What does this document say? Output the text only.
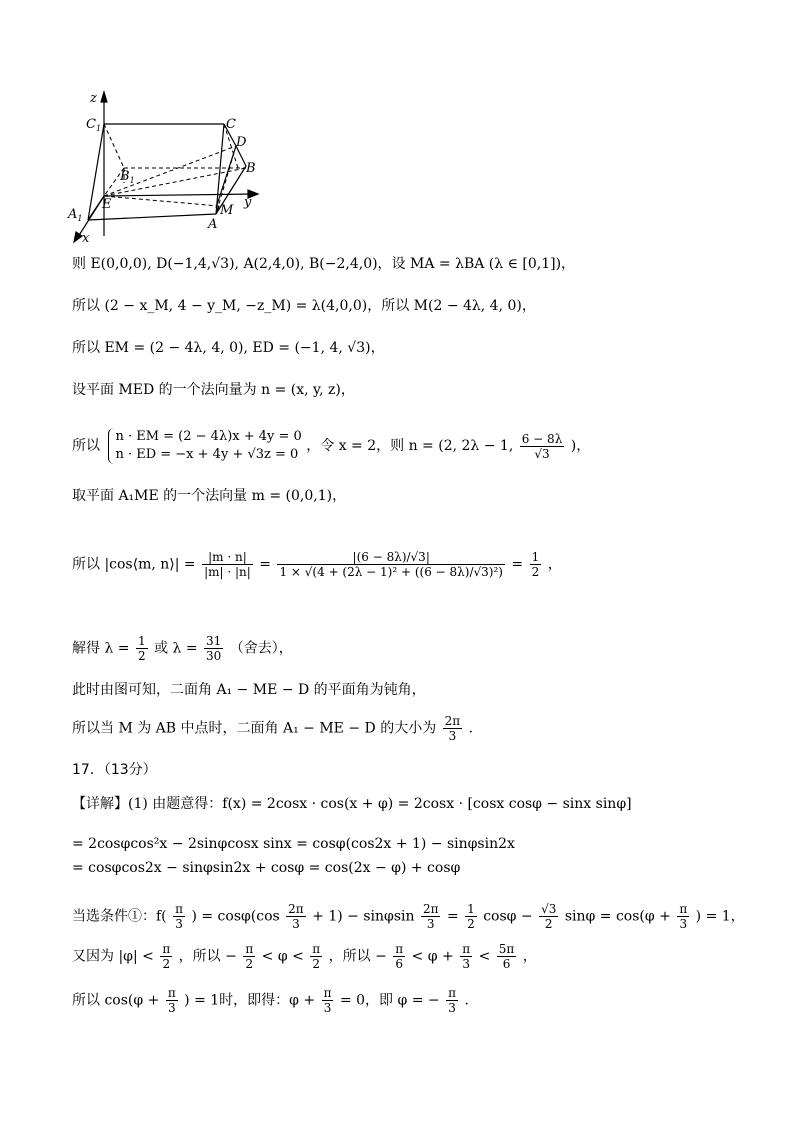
z
$C_1$	C
D
B
$B_1$
E	y
$A_1$
M
A
x
则 E(0,0,0), D(−1,4,√3), A(2,4,0), B(−2,4,0)，设 MA = λBA (λ ∈ [0,1])，
所以 (2 − x_M, 4 − y_M, −z_M) = λ(4,0,0)，所以 M(2 − 4λ, 4, 0)，
所以 EM = (2 − 4λ, 4, 0), ED = (−1, 4, √3)，
设平面 MED 的一个法向量为 n = (x, y, z)，
所以
n · EM = (2 − 4λ)x + 4y = 0
n · ED = −x + 4y + √3z = 0
，令 x = 2，则 n = (2, 2λ − 1, $\frac{6 - 8\lambda}{√3}$ )，
取平面 A₁ME 的一个法向量 m = (0,0,1)，
所以 |cos⟨m, n⟩| = $\frac{|m \cdot n|}{|m| \cdot |n|} = \frac{|(6 - 8\lambda)/√3|}{\text{1 × √(4 + (2λ − 1)² + ((6 − 8λ)/√3)²)}} = \frac{1}{2}$ ，
解得 $\lambda = \frac{1}{2}$ 或 $\lambda = \frac{31}{30}$ （舍去），
此时由图可知，二面角 A₁ − ME − D 的平面角为钝角，
所以当 M 为 AB 中点时，二面角 A₁ − ME − D 的大小为 $\frac{2\pi}{3}$ .
17．（13分）
【详解】(1) 由题意得：f(x) = 2cosx · cos(x + φ) = 2cosx · [cosx cosφ − sinx sinφ]
= 2cosφcos²x − 2sinφcosx sinx = cosφ(cos2x + 1) − sinφsin2x
= cosφcos2x − sinφsin2x + cosφ = cos(2x − φ) + cosφ
当选条件①：$f( \frac{\pi}{3}$ ) = $\cos\varphi(\cos \frac{2\pi}{3} + 1) - \sin\varphi\sin \frac{2\pi}{3} = \frac{1}{2}$ $\cos\varphi - \frac{√3}{2}$ $\sin\varphi = \cos(\varphi + \frac{\pi}{3}$ ) = 1，
又因为 $|\varphi| < \frac{\pi}{2}$ ，所以 − $\frac{\pi}{2} < \varphi < \frac{\pi}{2}$ ，所以 − $\frac{\pi}{6} < \varphi + \frac{\pi}{3} < \frac{5\pi}{6}$ ，
所以 $\cos(\varphi + \frac{\pi}{3}$ ) = 1时，即得：$\varphi + \frac{\pi}{3} = 0$，即 φ = − $\frac{\pi}{3}$ .
